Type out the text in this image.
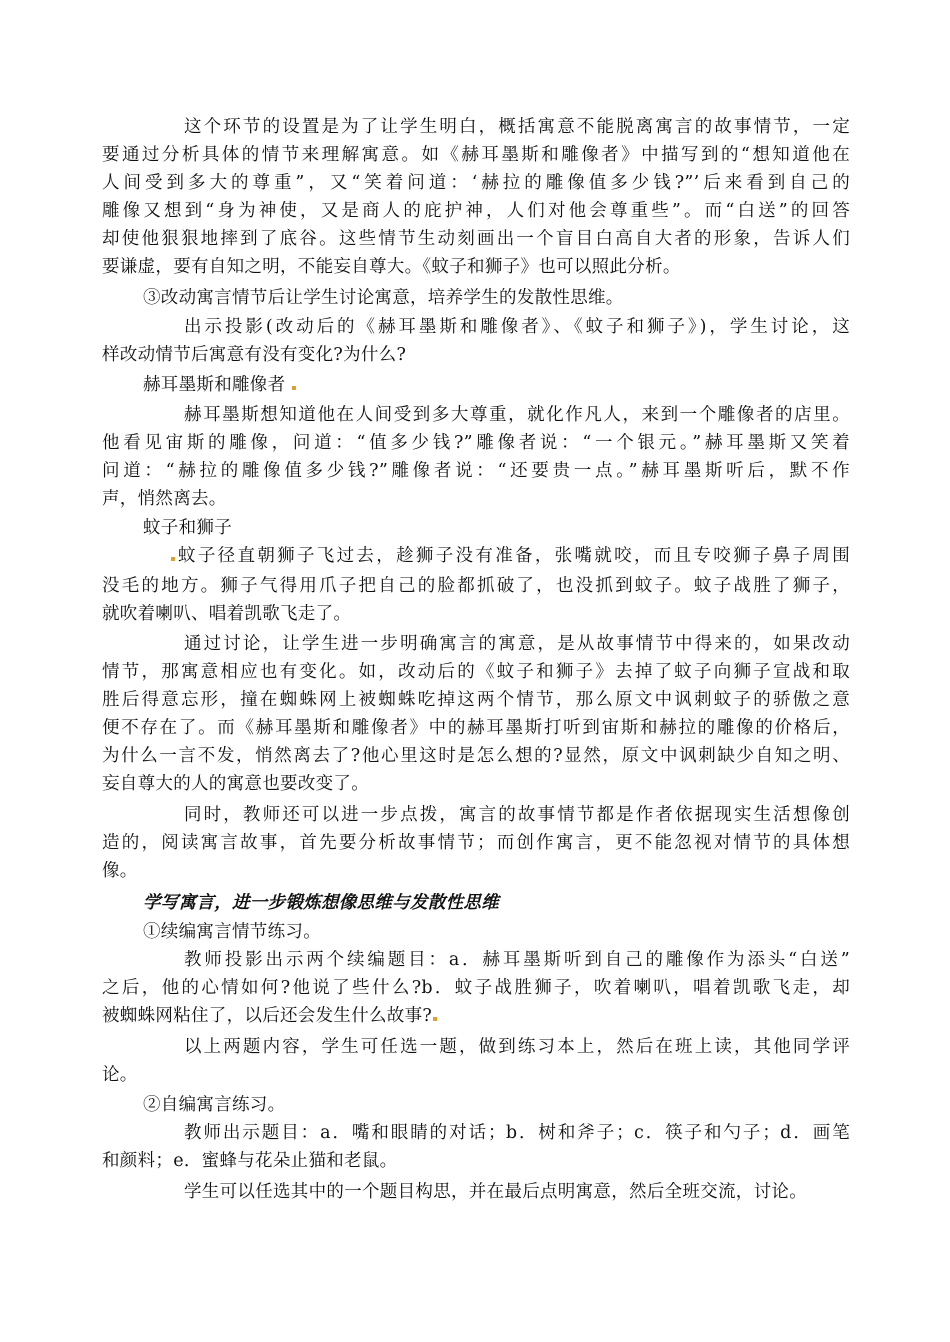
这个环节的设置是为了让学生明白，概括寓意不能脱离寓言的故事情节，一定
要通过分析具体的情节来理解寓意。如《赫耳墨斯和雕像者》中描写到的“想知道他在
人间受到多大的尊重”，又“笑着问道：‘赫拉的雕像值多少钱?”’后来看到自己的
雕像又想到“身为神使，又是商人的庇护神，人们对他会尊重些”。而“白送”的回答
却使他狠狠地摔到了底谷。这些情节生动刻画出一个盲目白高自大者的形象，告诉人们
要谦虚，要有自知之明，不能妄自尊大。《蚊子和狮子》也可以照此分析。
③改动寓言情节后让学生讨论寓意，培养学生的发散性思维。
出示投影(改动后的《赫耳墨斯和雕像者》、《蚊子和狮子》)，学生讨论，这
样改动情节后寓意有没有变化?为什么?
赫耳墨斯和雕像者
赫耳墨斯想知道他在人间受到多大尊重，就化作凡人，来到一个雕像者的店里。
他看见宙斯的雕像，问道：“值多少钱?”雕像者说：“一个银元。”赫耳墨斯又笑着
问道：“赫拉的雕像值多少钱?”雕像者说：“还要贵一点。”赫耳墨斯听后，默不作
声，悄然离去。
蚊子和狮子
蚊子径直朝狮子飞过去，趁狮子没有准备，张嘴就咬，而且专咬狮子鼻子周围
没毛的地方。狮子气得用爪子把自己的脸都抓破了，也没抓到蚊子。蚊子战胜了狮子，
就吹着喇叭、唱着凯歌飞走了。
通过讨论，让学生进一步明确寓言的寓意，是从故事情节中得来的，如果改动
情节，那寓意相应也有变化。如，改动后的《蚊子和狮子》去掉了蚊子向狮子宣战和取
胜后得意忘形，撞在蜘蛛网上被蜘蛛吃掉这两个情节，那么原文中讽刺蚊子的骄傲之意
便不存在了。而《赫耳墨斯和雕像者》中的赫耳墨斯打听到宙斯和赫拉的雕像的价格后，
为什么一言不发，悄然离去了?他心里这时是怎么想的?显然，原文中讽刺缺少自知之明、
妄自尊大的人的寓意也要改变了。
同时，教师还可以进一步点拨，寓言的故事情节都是作者依据现实生活想像创
造的，阅读寓言故事，首先要分析故事情节；而创作寓言，更不能忽视对情节的具体想
像。
学写寓言，进一步锻炼想像思维与发散性思维
①续编寓言情节练习。
教师投影出示两个续编题目：a．赫耳墨斯听到自己的雕像作为添头“白送”
之后，他的心情如何?他说了些什么?b．蚊子战胜狮子，吹着喇叭，唱着凯歌飞走，却
被蜘蛛网粘住了，以后还会发生什么故事?
以上两题内容，学生可任选一题，做到练习本上，然后在班上读，其他同学评
论。
②自编寓言练习。
教师出示题目：a．嘴和眼睛的对话；b．树和斧子；c．筷子和勺子；d．画笔
和颜料；e．蜜蜂与花朵止猫和老鼠。
学生可以任选其中的一个题目构思，并在最后点明寓意，然后全班交流，讨论。
